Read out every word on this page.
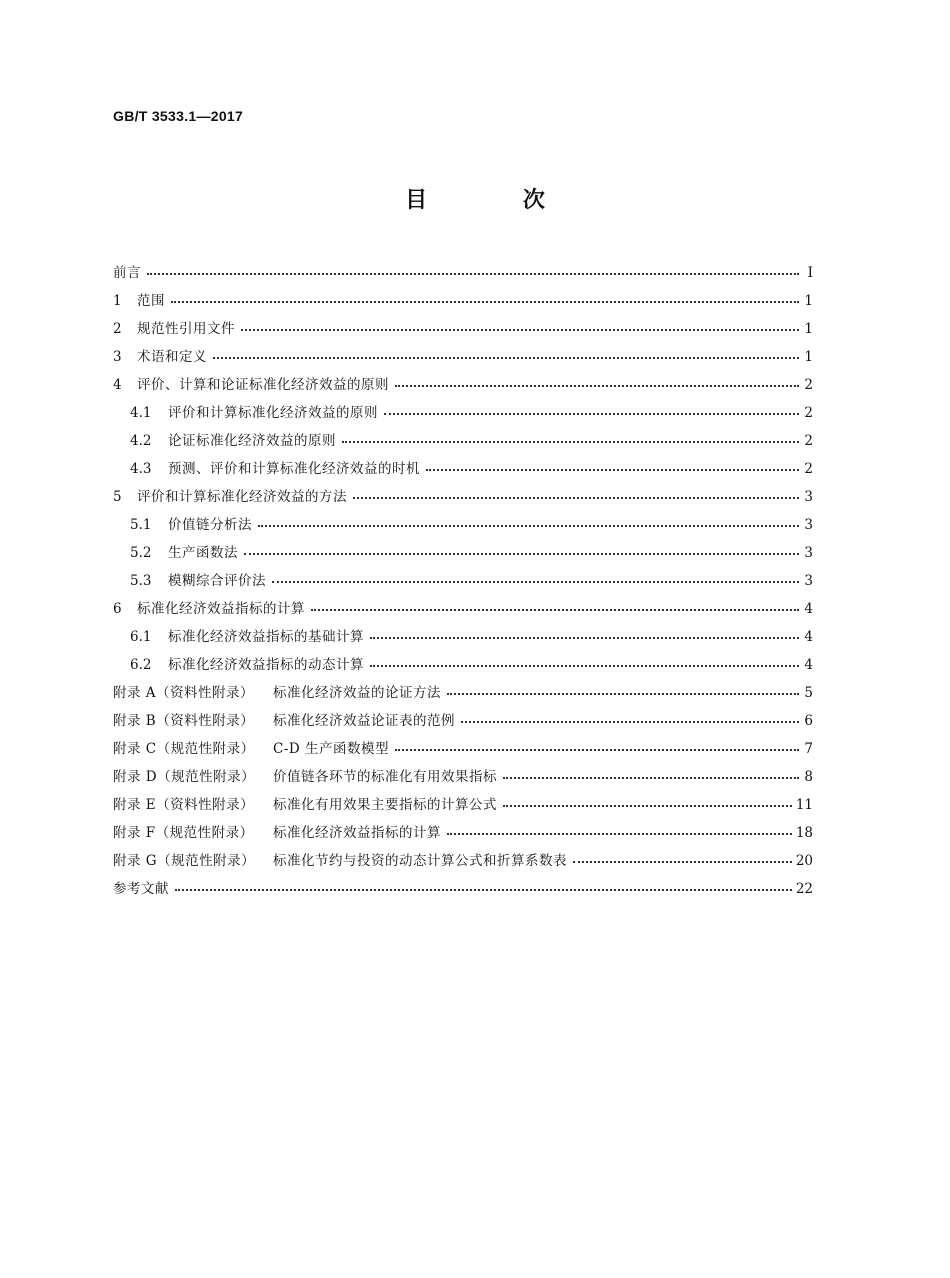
GB/T 3533.1—2017
目 次
前言	Ⅰ
1	范围	1
2	规范性引用文件	1
3	术语和定义	1
4	评价、计算和论证标准化经济效益的原则	2
4.1	评价和计算标准化经济效益的原则	2
4.2	论证标准化经济效益的原则	2
4.3	预测、评价和计算标准化经济效益的时机	2
5	评价和计算标准化经济效益的方法	3
5.1	价值链分析法	3
5.2	生产函数法	3
5.3	模糊综合评价法	3
6	标准化经济效益指标的计算	4
6.1	标准化经济效益指标的基础计算	4
6.2	标准化经济效益指标的动态计算	4
附录 A（资料性附录）	标准化经济效益的论证方法	5
附录 B（资料性附录）	标准化经济效益论证表的范例	6
附录 C（规范性附录）	C-D 生产函数模型	7
附录 D（规范性附录）	价值链各环节的标准化有用效果指标	8
附录 E（资料性附录）	标准化有用效果主要指标的计算公式	11
附录 F（规范性附录）	标准化经济效益指标的计算	18
附录 G（规范性附录）	标准化节约与投资的动态计算公式和折算系数表	20
参考文献	22
